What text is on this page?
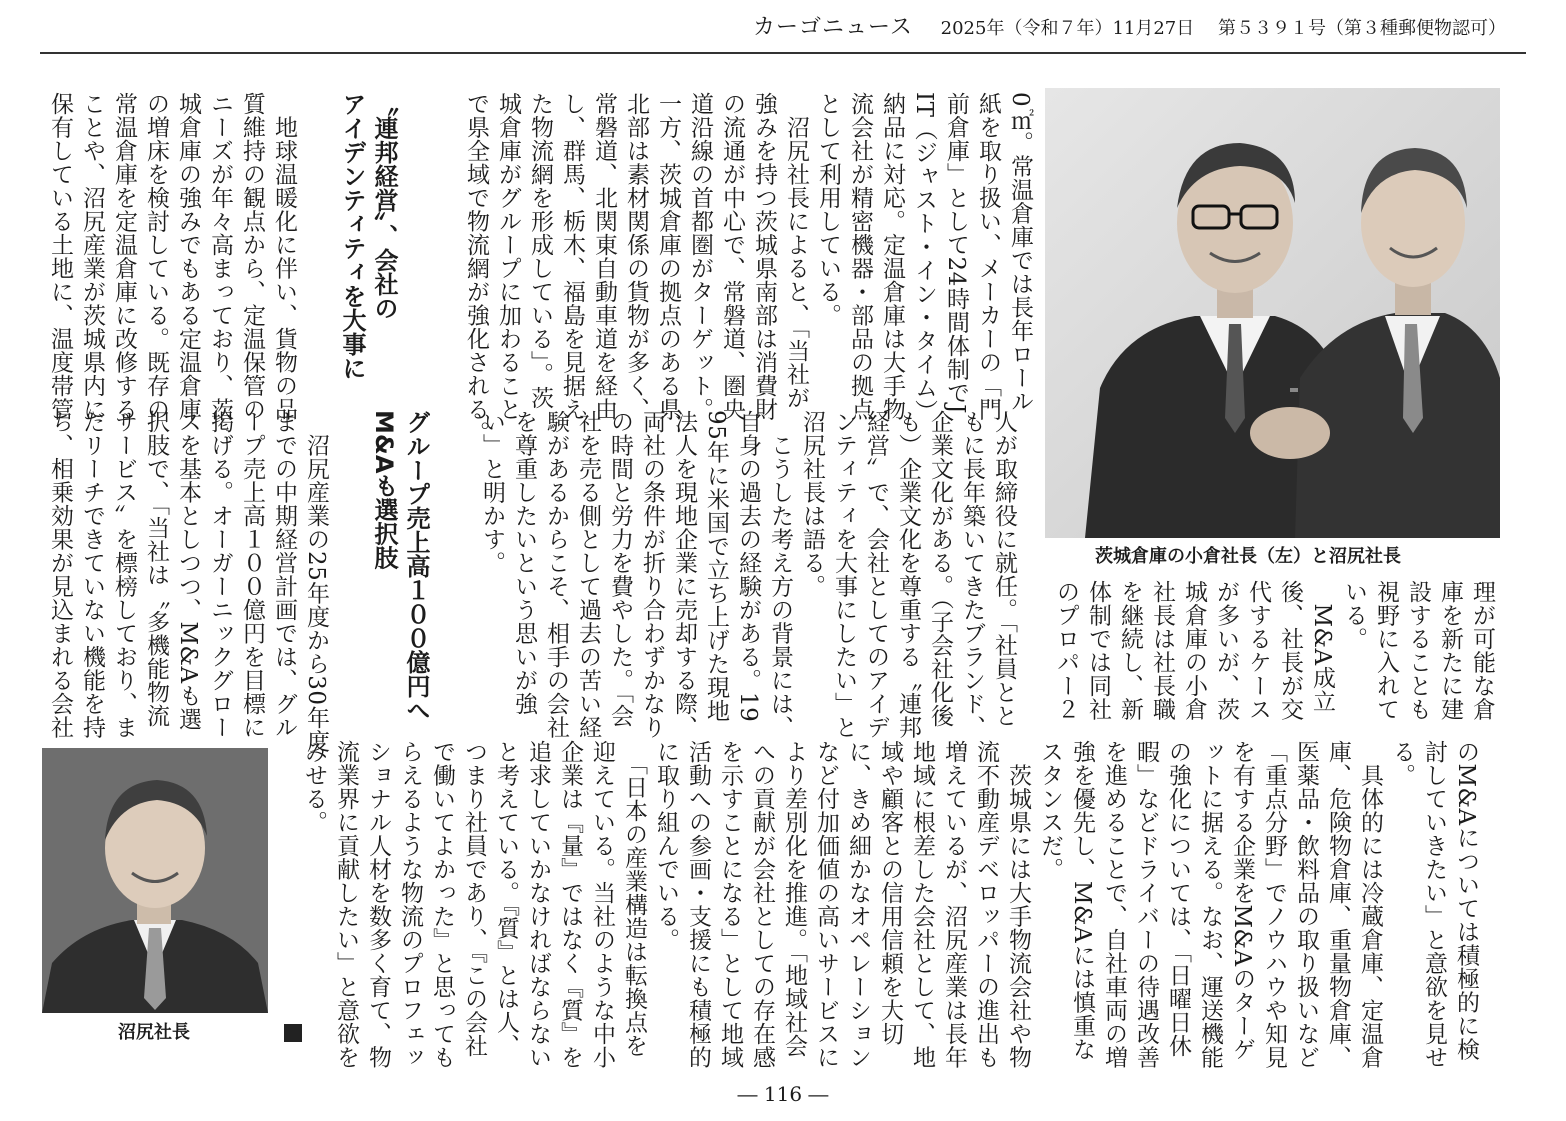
カーゴニュース 2025年（令和７年）11月27日 第５３９１号（第３種郵便物認可）
茨城倉庫の小倉社長（左）と沼尻社長
0㎡。常温倉庫では長年ロール
紙を取り扱い、メーカーの「門
前倉庫」として24時間体制でJ
IT（ジャスト・イン・タイム）
納品に対応。定温倉庫は大手物
流会社が精密機器・部品の拠点
として利用している。
　沼尻社長によると、「当社が
強みを持つ茨城県南部は消費財
の流通が中心で、常磐道、圏央
道沿線の首都圏がターゲット。
一方、茨城倉庫の拠点のある県
北部は素材関係の貨物が多く、
常磐道、北関東自動車道を経由
し、群馬、栃木、福島を見据え
た物流網を形成している」。茨
城倉庫がグループに加わること
で県全域で物流網が強化される。
〝連邦経営〟、会社の
アイデンティティを大事に
　地球温暖化に伴い、貨物の品
質維持の観点から、定温保管の
ニーズが年々高まっており、茨
城倉庫の強みでもある定温倉庫
の増床を検討している。既存の
常温倉庫を定温倉庫に改修する
ことや、沼尻産業が茨城県内に
保有している土地に、温度帯管
人が取締役に就任。「社員とと
もに長年築いてきたブランド、
企業文化がある。（子会社化後
も）企業文化を尊重する〝連邦
経営〟で、会社としてのアイデ
ンティティを大事にしたい」と
沼尻社長は語る。
　こうした考え方の背景には、
自身の過去の経験がある。19
95年に米国で立ち上げた現地
法人を現地企業に売却する際、
両社の条件が折り合わずかなり
の時間と労力を費やした。「会
社を売る側として過去の苦い経
験があるからこそ、相手の会社
を尊重したいという思いが強
い」と明かす。
グループ売上高１００億円へ
M&Aも選択肢
　沼尻産業の25年度から30年度
までの中期経営計画では、グル
ープ売上高１００億円を目標に
掲げる。オーガーニックグロー
スを基本としつつ、M&Aも選
択肢で、「当社は〝多機能物流
サービス〟を標榜しており、ま
だリーチできていない機能を持
ち、相乗効果が見込まれる会社	理が可能な倉
庫を新たに建
設することも
視野に入れて
いる。
　M&A成立
後、社長が交
代するケース
が多いが、茨
城倉庫の小倉
社長は社長職
を継続し、新
体制では同社
のプロパー２
のM&Aについては積極的に検
討していきたい」と意欲を見せ
る。
　具体的には冷蔵倉庫、定温倉
庫、危険物倉庫、重量物倉庫、
医薬品・飲料品の取り扱いなど
「重点分野」でノウハウや知見
を有する企業をM&Aのターゲ
ットに据える。なお、運送機能
の強化については、「日曜日休
暇」などドライバーの待遇改善
を進めることで、自社車両の増
強を優先し、M&Aには慎重な
スタンスだ。
　茨城県には大手物流会社や物
流不動産デベロッパーの進出も
増えているが、沼尻産業は長年
地域に根差した会社として、地
域や顧客との信用信頼を大切
に、きめ細かなオペレーション
など付加価値の高いサービスに
より差別化を推進。「地域社会
への貢献が会社としての存在感
を示すことになる」として地域
活動への参画・支援にも積極的
に取り組んでいる。
　「日本の産業構造は転換点を
迎えている。当社のような中小
企業は『量』ではなく『質』を
追求していかなければならない
と考えている。『質』とは人、
つまり社員であり、『この会社
で働いてよかった』と思っても
らえるような物流のプロフェッ
ショナル人材を数多く育て、物
流業界に貢献したい」と意欲を
みせる。
沼尻社長
― 116 ―
